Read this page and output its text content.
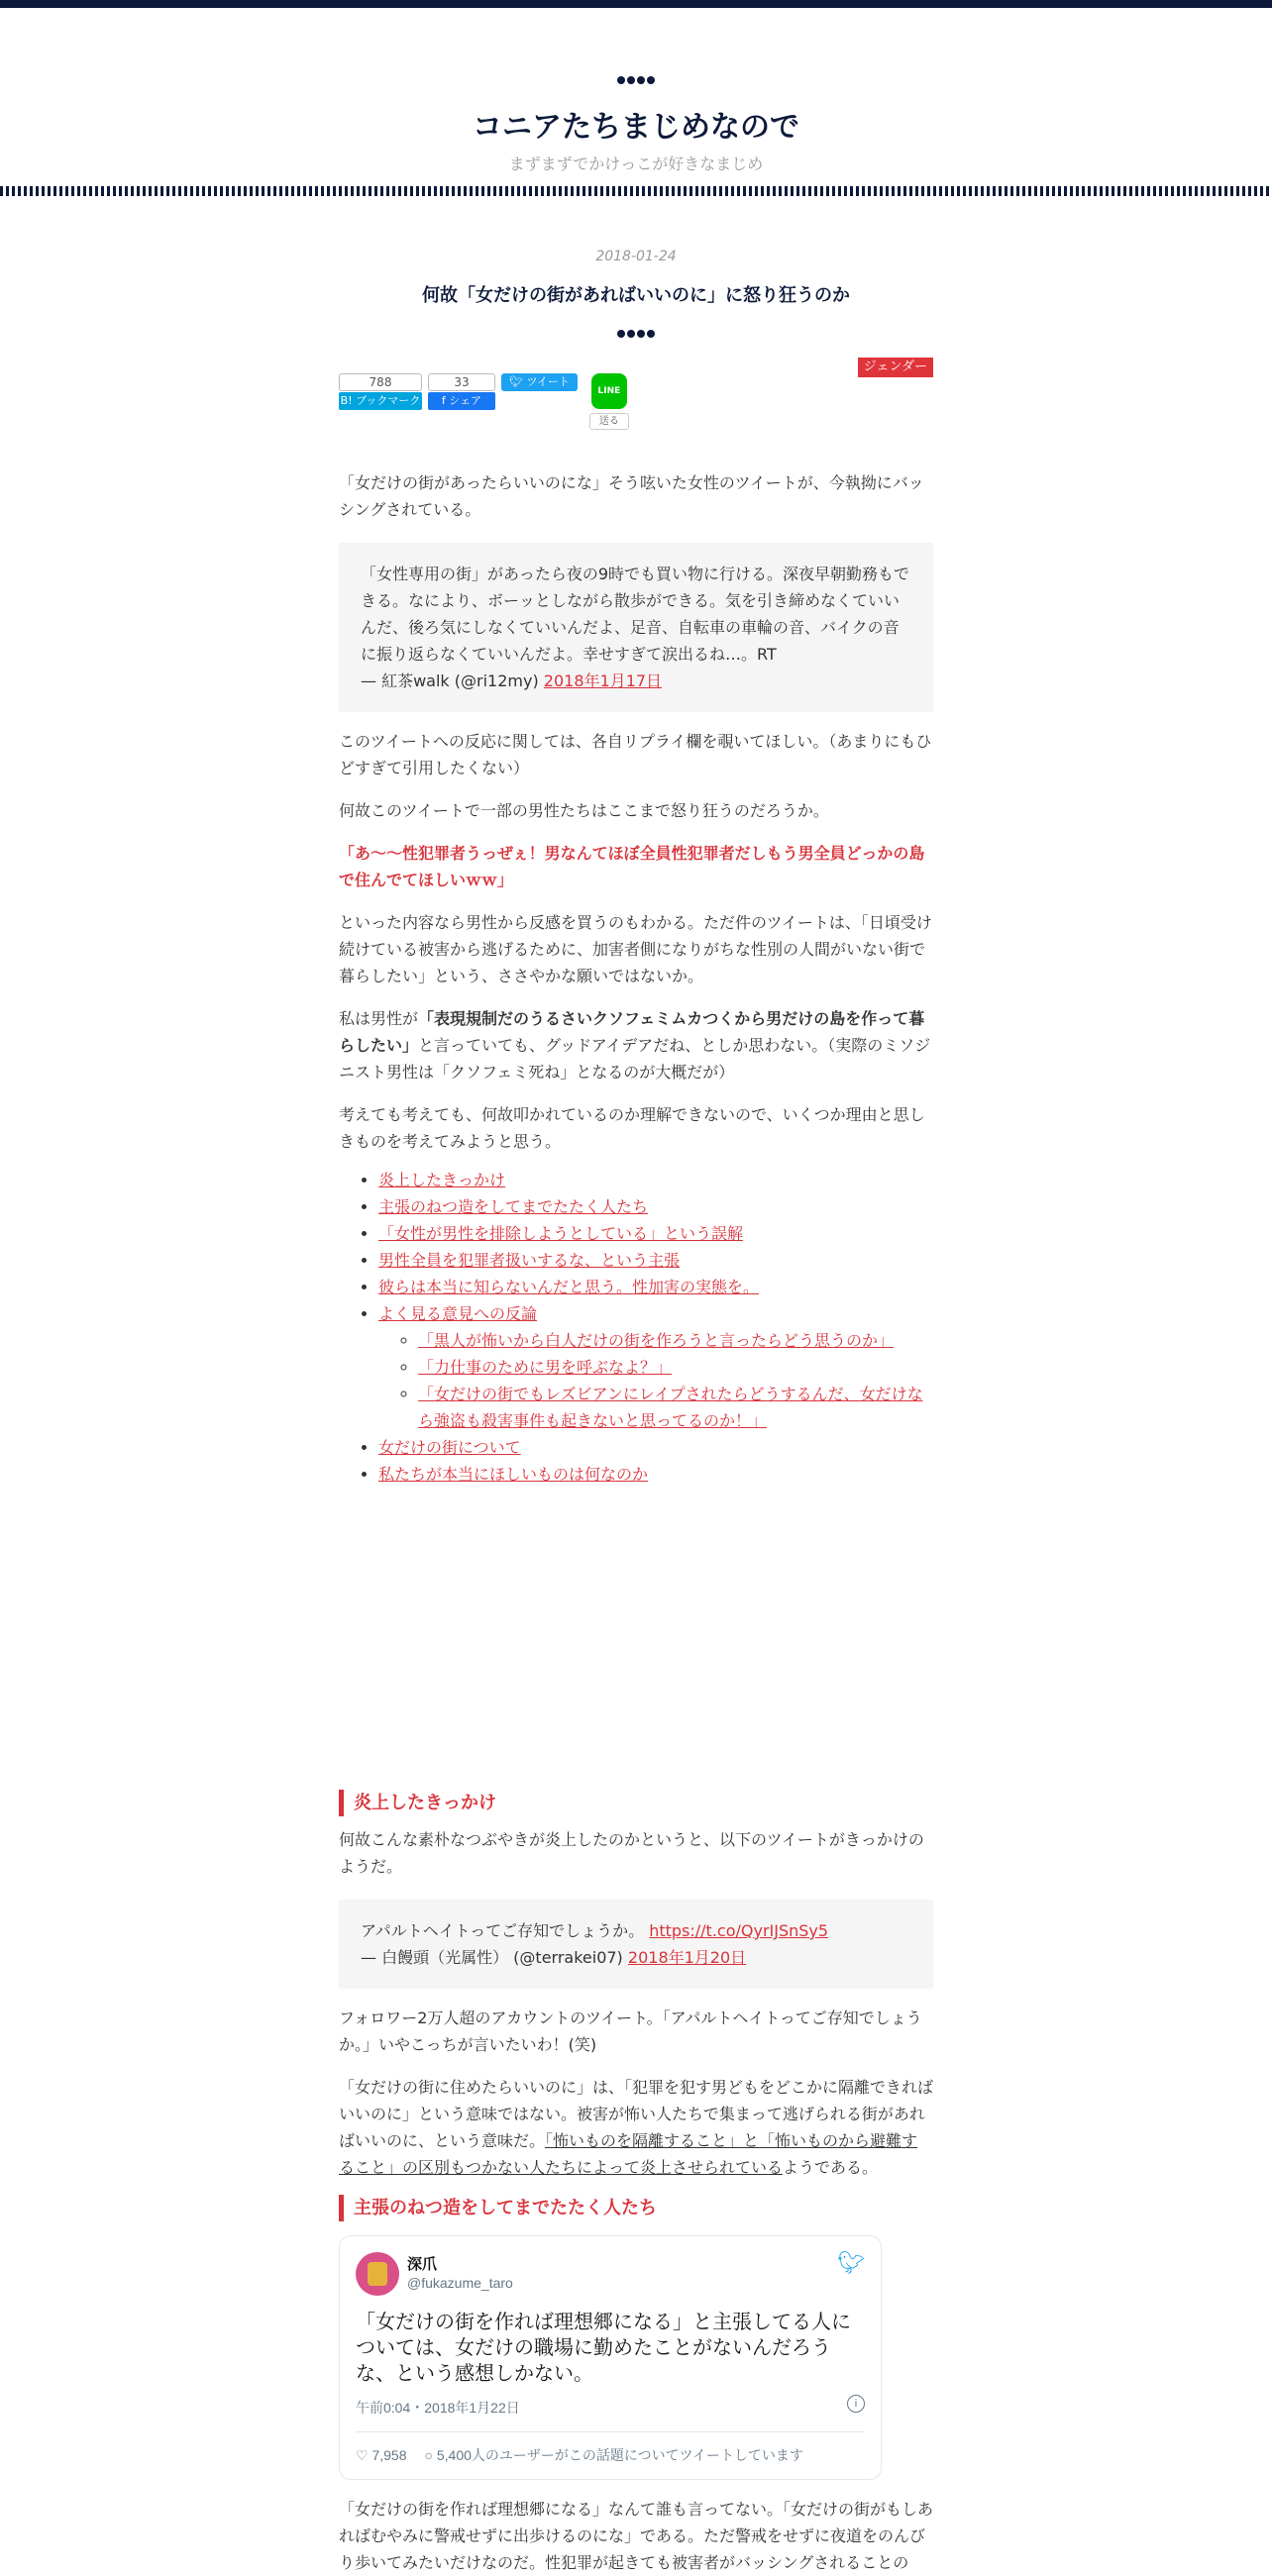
コニアたちまじめなので
まずまずでかけっこが好きなまじめ
2018-01-24
何故「女だけの街があればいいのに」に怒り狂うのか
ジェンダー
788
B! ブックマーク
33
f シェア
🐦︎ ツイート
LINE
送る

「女だけの街があったらいいのにな」そう呟いた女性のツイートが、今執拗にバッシングされている。

「女性専用の街」があったら夜の9時でも買い物に行ける。深夜早朝勤務もできる。なにより、ボーッとしながら散歩ができる。気を引き締めなくていいんだ、後ろ気にしなくていいんだよ、足音、自転車の車輪の音、バイクの音に振り返らなくていいんだよ。幸せすぎて涙出るね…。RT

— 紅茶walk (@ri12my) 2018年1月17日

このツイートへの反応に関しては、各自リプライ欄を覗いてほしい。（あまりにもひどすぎて引用したくない）

何故このツイートで一部の男性たちはここまで怒り狂うのだろうか。

「あ～～性犯罪者うっぜぇ！男なんてほぼ全員性犯罪者だしもう男全員どっかの島で住んでてほしいｗｗ」

といった内容なら男性から反感を買うのもわかる。ただ件のツイートは、「日頃受け続けている被害から逃げるために、加害者側になりがちな性別の人間がいない街で暮らしたい」という、ささやかな願いではないか。

私は男性が「表現規制だのうるさいクソフェミムカつくから男だけの島を作って暮らしたい」と言っていても、グッドアイデアだね、としか思わない。（実際のミソジニスト男性は「クソフェミ死ね」となるのが大概だが）

考えても考えても、何故叩かれているのか理解できないので、いくつか理由と思しきものを考えてみようと思う。

• 炎上したきっかけ
• 主張のねつ造をしてまでたたく人たち
• 「女性が男性を排除しようとしている」という誤解
• 男性全員を犯罪者扱いするな、という主張
• 彼らは本当に知らないんだと思う。性加害の実態を。
• よく見る意見への反論
◦ 「黒人が怖いから白人だけの街を作ろうと言ったらどう思うのか」
◦ 「力仕事のために男を呼ぶなよ？」
◦ 「女だけの街でもレズビアンにレイプされたらどうするんだ、女だけなら強盗も殺害事件も起きないと思ってるのか！」
• 女だけの街について
• 私たちが本当にほしいものは何なのか
炎上したきっかけ

何故こんな素朴なつぶやきが炎上したのかというと、以下のツイートがきっかけのようだ。

アパルトヘイトってご存知でしょうか。 https://t.co/QyrIJSnSy5

— 白饅頭（光属性） (@terrakei07) 2018年1月20日

フォロワー2万人超のアカウントのツイート。「アパルトヘイトってご存知でしょうか。」いやこっちが言いたいわ！(笑)

「女だけの街に住めたらいいのに」は、「犯罪を犯す男どもをどこかに隔離できればいいのに」という意味ではない。被害が怖い人たちで集まって逃げられる街があればいいのに、という意味だ。「怖いものを隔離すること」と「怖いものから避難すること」の区別もつかない人たちによって炎上させられているようである。

主張のねつ造をしてまでたたく人たち
深爪
@fukazume_taro
🐦︎
「女だけの街を作れば理想郷になる」と主張してる人については、女だけの職場に勤めたことがないんだろうな、という感想しかない。
午前0:04・2018年1月22日	i
♡ 7,958 ○ 5,400人のユーザーがこの話題についてツイートしています

「女だけの街を作れば理想郷になる」なんて誰も言ってない。「女だけの街がもしあればむやみに警戒せずに出歩けるのにな」である。ただ警戒をせずに夜道をのんびり歩いてみたいだけなのだ。性犯罪が起きても被害者がバッシングされることの
